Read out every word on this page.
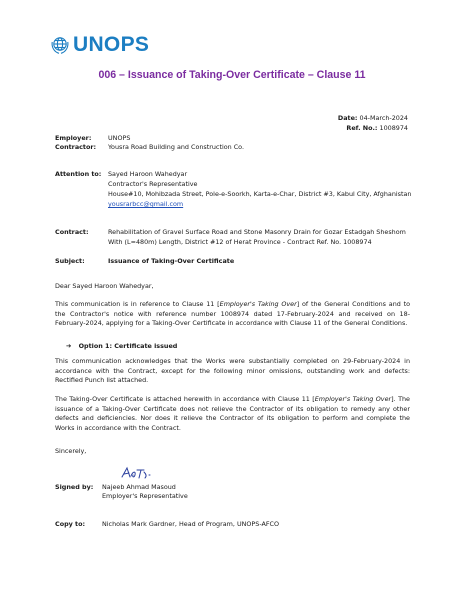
UNOPS
006 – Issuance of Taking-Over Certificate – Clause 11
Date: 04-March-2024
Ref. No.: 1008974
Employer:	UNOPS
Contractor: Yousra Road Building and Construction Co.
Attention to: Sayed Haroon Wahedyar
Contractor's Representative
House#10, Mohibzada Street, Pole-e-Soorkh, Karta-e-Char, District #3, Kabul City, Afghanistan
yousrarbcc@gmail.com
Contract:	Rehabilitation of Gravel Surface Road and Stone Masonry Drain for Gozar Estadgah Sheshom
With (L=480m) Length, District #12 of Herat Province - Contract Ref. No. 1008974
Subject:	Issuance of Taking-Over Certificate
Dear Sayed Haroon Wahedyar,
This communication is in reference to Clause 11 [Employer's Taking Over] of the General Conditions and to the Contractor's notice with reference number 1008974 dated 17-February-2024 and received on 18-February-2024, applying for a Taking-Over Certificate in accordance with Clause 11 of the General Conditions.
➔ Option 1: Certificate issued
This communication acknowledges that the Works were substantially completed on 29-February-2024 in accordance with the Contract, except for the following minor omissions, outstanding work and defects: Rectified Punch list attached.
The Taking-Over Certificate is attached herewith in accordance with Clause 11 [Employer's Taking Over]. The issuance of a Taking-Over Certificate does not relieve the Contractor of its obligation to remedy any other defects and deficiencies. Nor does it relieve the Contractor of its obligation to perform and complete the Works in accordance with the Contract.
Sincerely,
Signed by: Najeeb Ahmad Masoud
Employer's Representative
Copy to:	Nicholas Mark Gardner, Head of Program, UNOPS-AFCO
